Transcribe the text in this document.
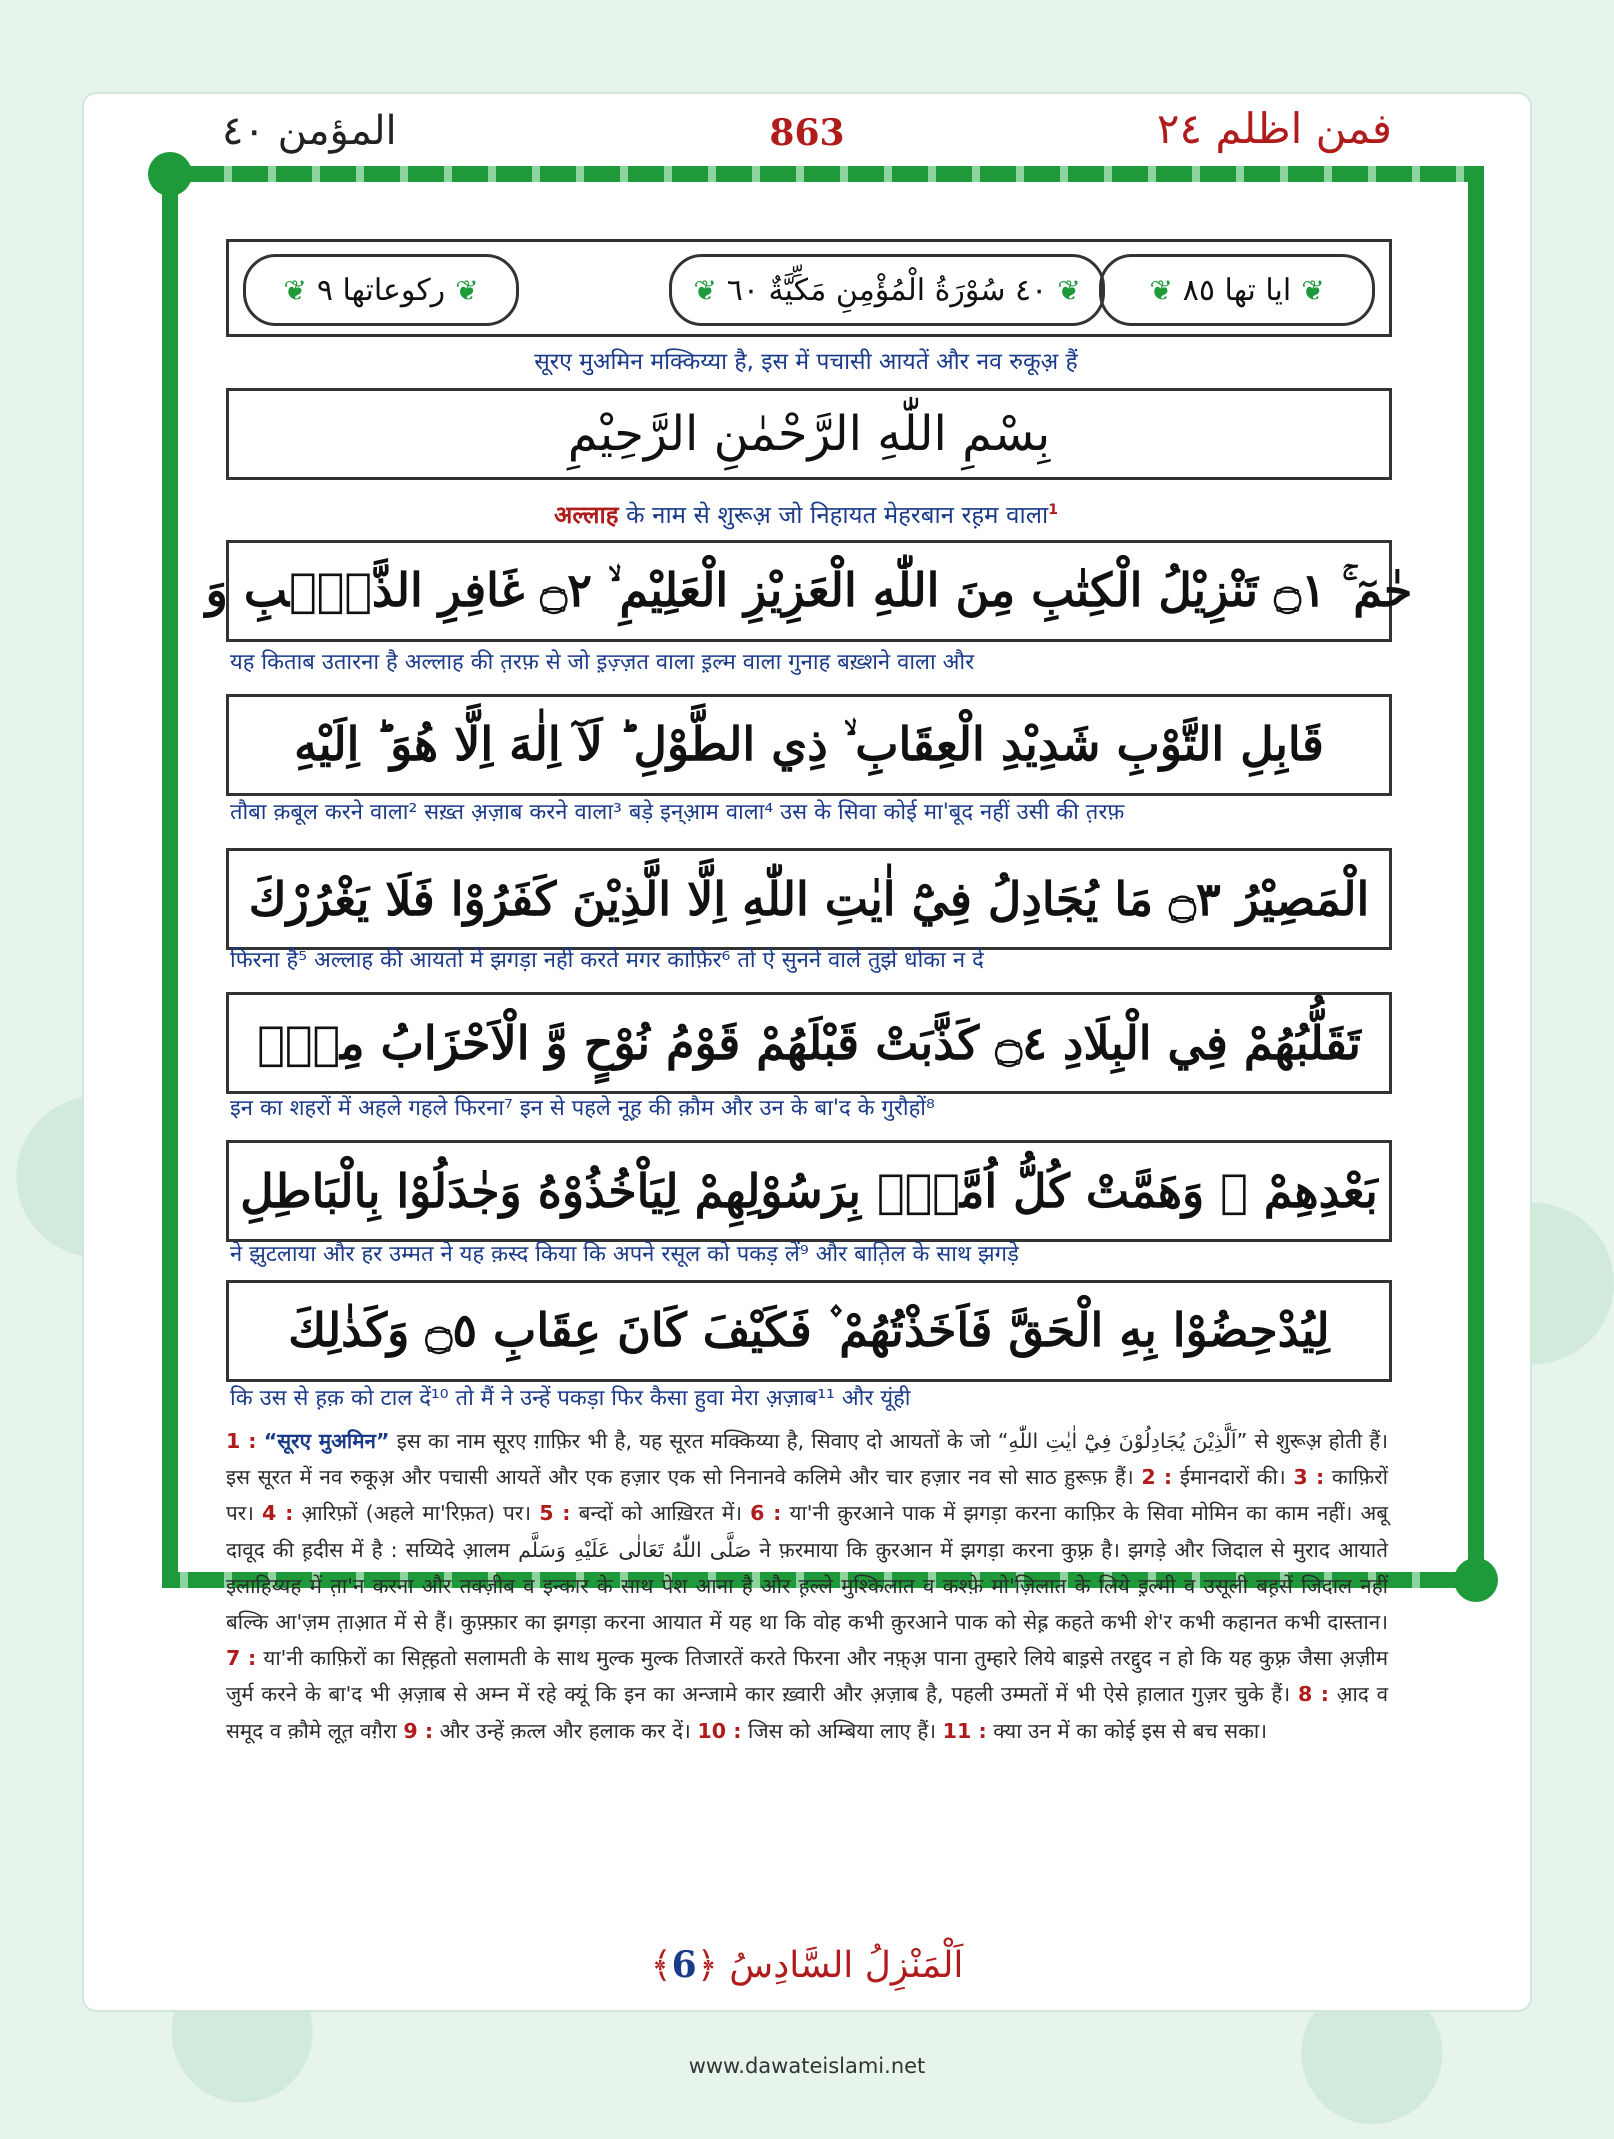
المؤمن ٤٠	863	فمن اظلم ٢٤
❦
ايا تها ٨٥
❦
❦
٤٠ سُوْرَةُ الْمُؤْمِنِ مَكِّيَّةٌ ٦٠
❦
❦
ركوعاتها ٩
❦
सूरए मुअमिन मक्किय्या है, इस में पचासी आयतें और नव रुकूअ़ हैं
بِسْمِ اللّٰهِ الرَّحْمٰنِ الرَّحِيْمِ
अल्लाह के नाम से शुरूअ़ जो निहायत मेहरबान रह़म वाला$^1$
حٰمٓ ۚ ۝١ تَنْزِيْلُ الْكِتٰبِ مِنَ اللّٰهِ الْعَزِيْزِ الْعَلِيْمِ ۙ ۝٢ غَافِرِ الذَّنْۢبِ وَ
यह किताब उतारना है अल्लाह की त़रफ़ से जो इ़ज़्ज़त वाला इ़ल्म वाला गुनाह बख़्शने वाला और
قَابِلِ التَّوْبِ شَدِيْدِ الْعِقَابِ ۙ ذِي الطَّوْلِ ؕ لَآ اِلٰهَ اِلَّا هُوَ ؕ اِلَيْهِ
तौबा क़बूल करने वाला² सख़्त अ़ज़ाब करने वाला³ बड़े इन्आ़म वाला⁴ उस के सिवा कोई मा'बूद नहीं उसी की त़रफ़
الْمَصِيْرُ ۝٣ مَا يُجَادِلُ فِيْٓ اٰيٰتِ اللّٰهِ اِلَّا الَّذِيْنَ كَفَرُوْا فَلَا يَغْرُرْكَ
फिरना है⁵ अल्लाह की आयतों में झगड़ा नहीं करते मगर काफ़िर⁶ तो ऐ सुनने वाले तुझे धोका न दे
تَقَلُّبُهُمْ فِي الْبِلَادِ ۝٤ كَذَّبَتْ قَبْلَهُمْ قَوْمُ نُوْحٍ وَّ الْاَحْزَابُ مِنْۢ
इन का शहरों में अहले गहले फिरना⁷ इन से पहले नूह़ की क़ौम और उन के बा'द के गुरौहों⁸
بَعْدِهِمْ ۠ وَهَمَّتْ كُلُّ اُمَّةٍۭ بِرَسُوْلِهِمْ لِيَاْخُذُوْهُ وَجٰدَلُوْا بِالْبَاطِلِ
ने झुटलाया और हर उम्मत ने यह क़स्द किया कि अपने रसूल को पकड़ लें⁹ और बात़िल के साथ झगड़े
لِيُدْحِضُوْا بِهِ الْحَقَّ فَاَخَذْتُهُمْ ۫ فَكَيْفَ كَانَ عِقَابِ ۝٥ وَكَذٰلِكَ
कि उस से ह़क़ को टाल दें¹⁰ तो मैं ने उन्हें पकड़ा फिर कैसा हुवा मेरा अ़ज़ाब¹¹ और यूंही
1 : “सूरए मुअमिन” इस का नाम सूरए ग़ाफ़िर भी है, यह सूरत मक्किय्या है, सिवाए दो आयतों के जो “اَلَّذِيْنَ يُجَادِلُوْنَ فِيْٓ اٰيٰتِ اللّٰهِ” से शुरूअ़ होती हैं। इस सूरत में नव रुकूअ़ और पचासी आयतें और एक हज़ार एक सो निनानवे कलिमे और चार हज़ार नव सो साठ ह़ुरूफ़ हैं। 2 : ईमानदारों की। 3 : काफ़िरों पर। 4 : आ़रिफ़ों (अहले मा'रिफ़त) पर। 5 : बन्दों को आख़िरत में। 6 : या'नी क़ुरआने पाक में झगड़ा करना काफ़िर के सिवा मोमिन का काम नहीं। अबू दावूद की ह़दीस में है : सय्यिदे आ़लम صَلَّى اللّٰهُ تَعَالٰى عَلَيْهِ وَسَلَّم ने फ़रमाया कि क़ुरआन में झगड़ा करना कुफ़्र है। झगड़े और जिदाल से मुराद आयाते इलाहिय्यह में त़ा'न करना और तक्ज़ीब व इन्कार के साथ पेश आना है और ह़ल्ले मुश्किलात व कश्फ़े मो'ज़िलात के लिये इ़ल्मी व उसूली बह़सें जिदाल नहीं बल्कि आ'ज़म त़ाआ़त में से हैं। कुफ़्फ़ार का झगड़ा करना आयात में यह था कि वोह कभी क़ुरआने पाक को सेह़्र कहते कभी शे'र कभी कहानत कभी दास्तान। 7 : या'नी काफ़िरों का सिह़्ह़तो सलामती के साथ मुल्क मुल्क तिजारतें करते फिरना और नफ़्अ़ पाना तुम्हारे लिये बाइ़से तरद्दुद न हो कि यह कुफ़्र जैसा अ़ज़ीम जुर्म करने के बा'द भी अ़ज़ाब से अम्न में रहे क्यूं कि इन का अन्जामे कार ख़्वारी और अ़ज़ाब है, पहली उम्मतों में भी ऐसे ह़ालात गुज़र चुके हैं। 8 : आ़द व समूद व क़ौमे लूत़ वग़ैरा 9 : और उन्हें क़त्ल और हलाक कर दें। 10 : जिस को अम्बिया लाए हैं। 11 : क्या उन में का कोई इस से बच सका।
اَلْمَنْزِلُ السَّادِسُ ﴿6﴾
www.dawateislami.net
